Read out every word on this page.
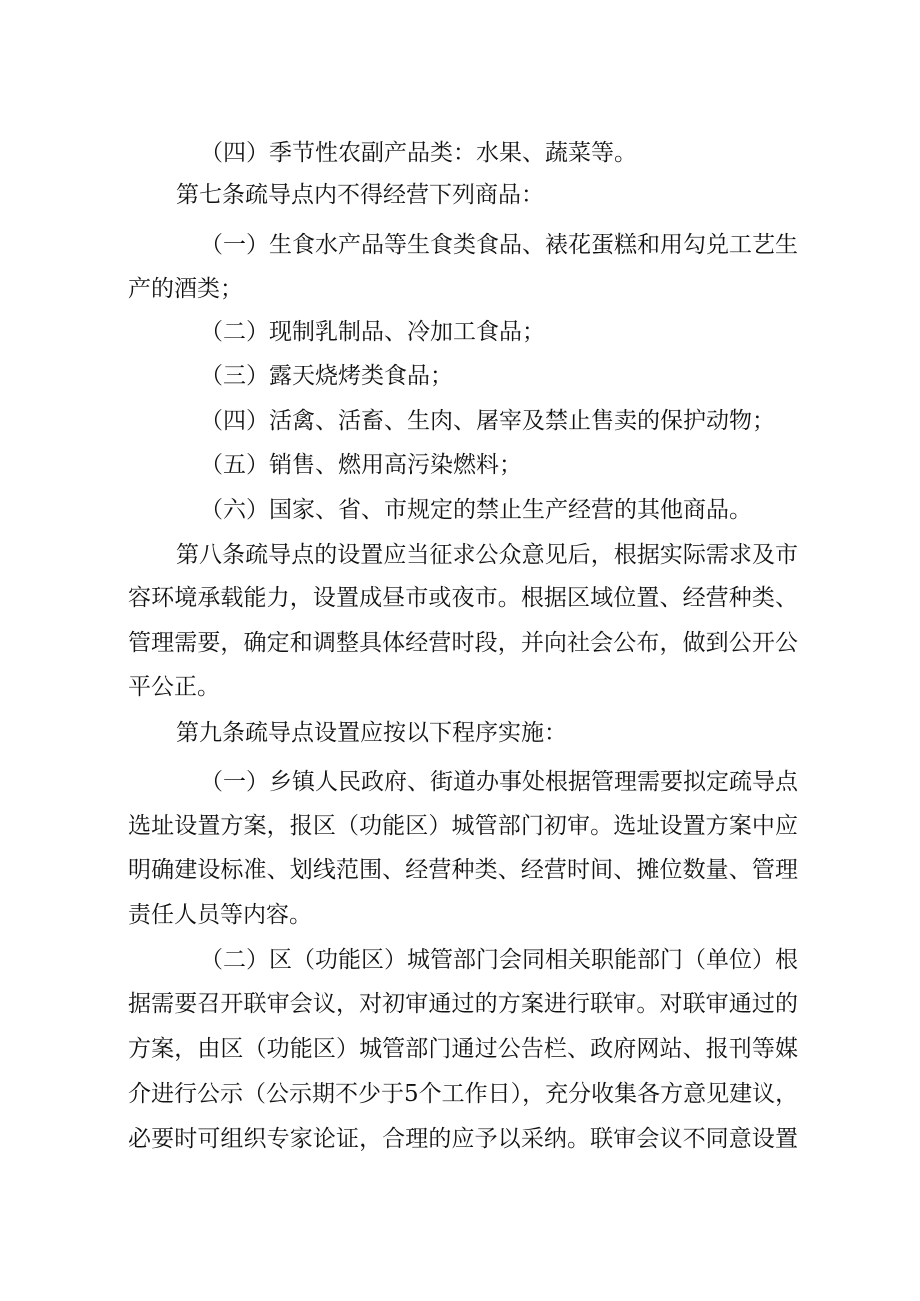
（四）季节性农副产品类：水果、蔬菜等。
第七条疏导点内不得经营下列商品：
（一）生食水产品等生食类食品、裱花蛋糕和用勾兑工艺生
产的酒类；
（二）现制乳制品、冷加工食品；
（三）露天烧烤类食品；
（四）活禽、活畜、生肉、屠宰及禁止售卖的保护动物；
（五）销售、燃用高污染燃料；
（六）国家、省、市规定的禁止生产经营的其他商品。
第八条疏导点的设置应当征求公众意见后，根据实际需求及市
容环境承载能力，设置成昼市或夜市。根据区域位置、经营种类、
管理需要，确定和调整具体经营时段，并向社会公布，做到公开公
平公正。
第九条疏导点设置应按以下程序实施：
（一）乡镇人民政府、街道办事处根据管理需要拟定疏导点
选址设置方案，报区（功能区）城管部门初审。选址设置方案中应
明确建设标准、划线范围、经营种类、经营时间、摊位数量、管理
责任人员等内容。
（二）区（功能区）城管部门会同相关职能部门（单位）根
据需要召开联审会议，对初审通过的方案进行联审。对联审通过的
方案，由区（功能区）城管部门通过公告栏、政府网站、报刊等媒
介进行公示（公示期不少于5个工作日），充分收集各方意见建议，
必要时可组织专家论证，合理的应予以采纳。联审会议不同意设置
